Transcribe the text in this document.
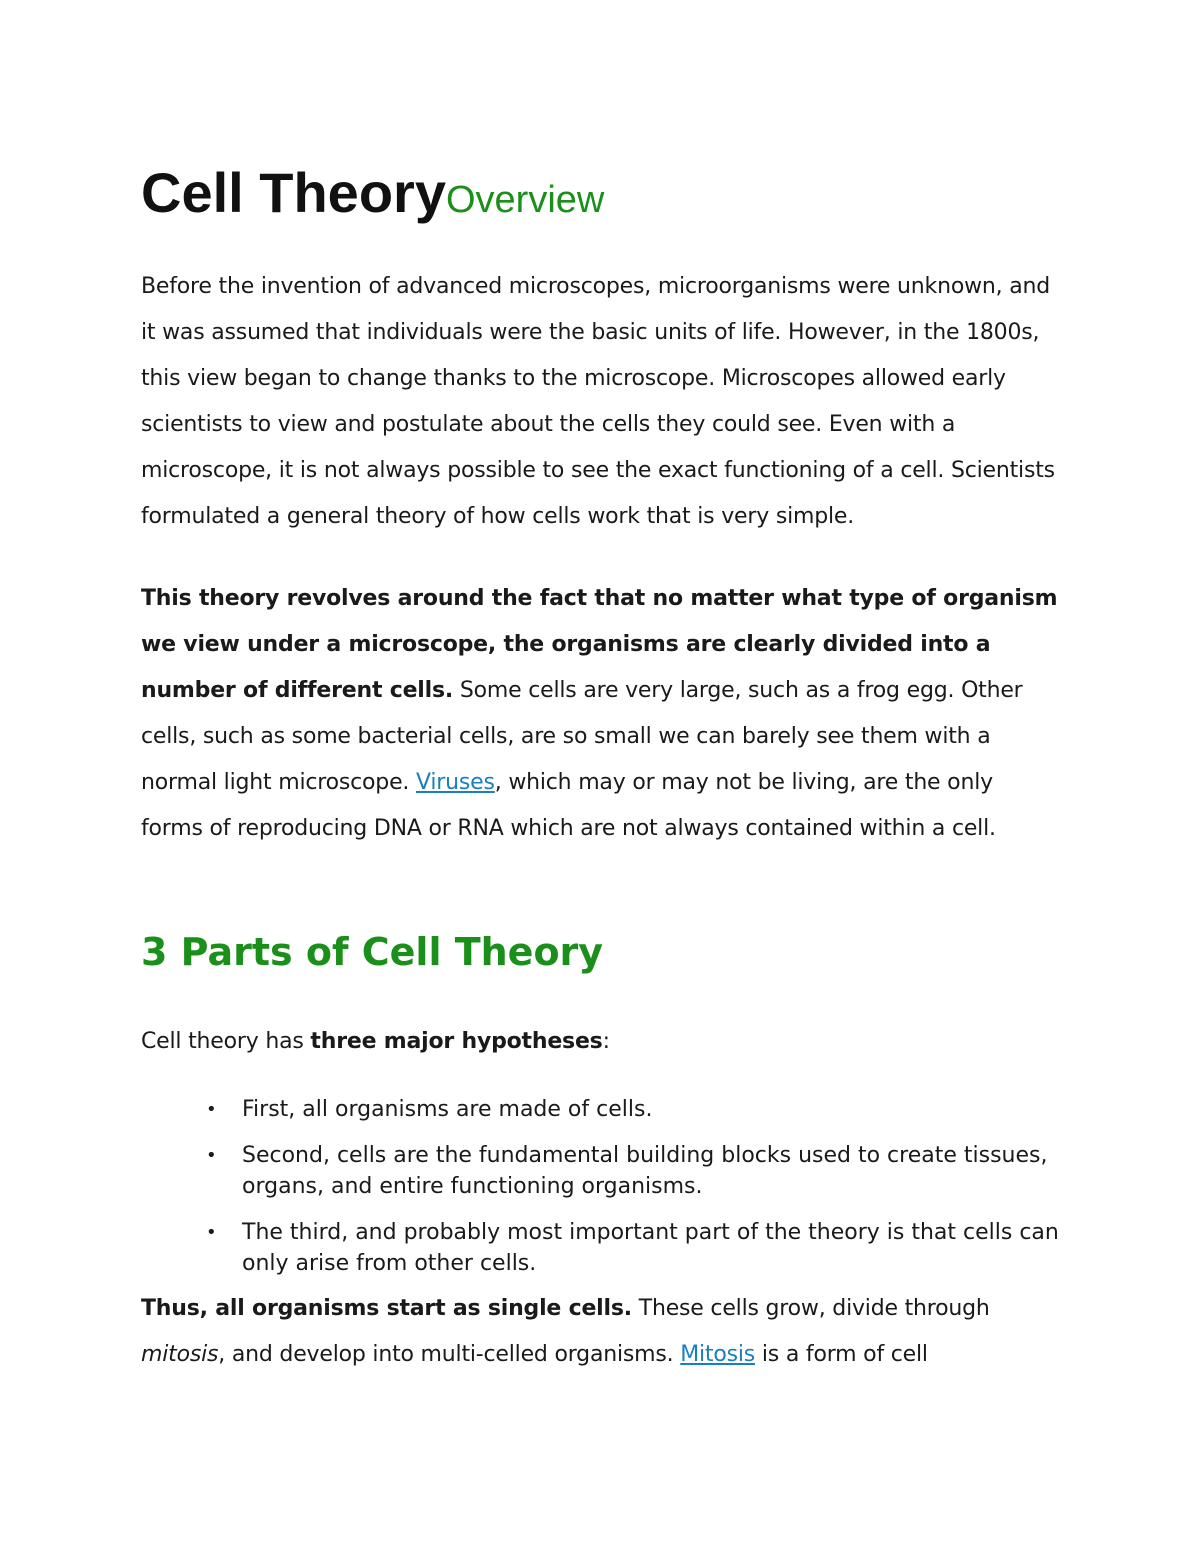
Cell TheoryOverview

Before the invention of advanced microscopes, microorganisms were unknown, and it was assumed that individuals were the basic units of life. However, in the 1800s, this view began to change thanks to the microscope. Microscopes allowed early scientists to view and postulate about the cells they could see. Even with a microscope, it is not always possible to see the exact functioning of a cell. Scientists formulated a general theory of how cells work that is very simple.

This theory revolves around the fact that no matter what type of organism we view under a microscope, the organisms are clearly divided into a number of different cells. Some cells are very large, such as a frog egg. Other cells, such as some bacterial cells, are so small we can barely see them with a normal light microscope. Viruses, which may or may not be living, are the only forms of reproducing DNA or RNA which are not always contained within a cell.

3 Parts of Cell Theory

Cell theory has three major hypotheses:

• First, all organisms are made of cells.
• Second, cells are the fundamental building blocks used to create tissues, organs, and entire functioning organisms.
• The third, and probably most important part of the theory is that cells can only arise from other cells.

Thus, all organisms start as single cells. These cells grow, divide through mitosis, and develop into multi-celled organisms. Mitosis is a form of cell
